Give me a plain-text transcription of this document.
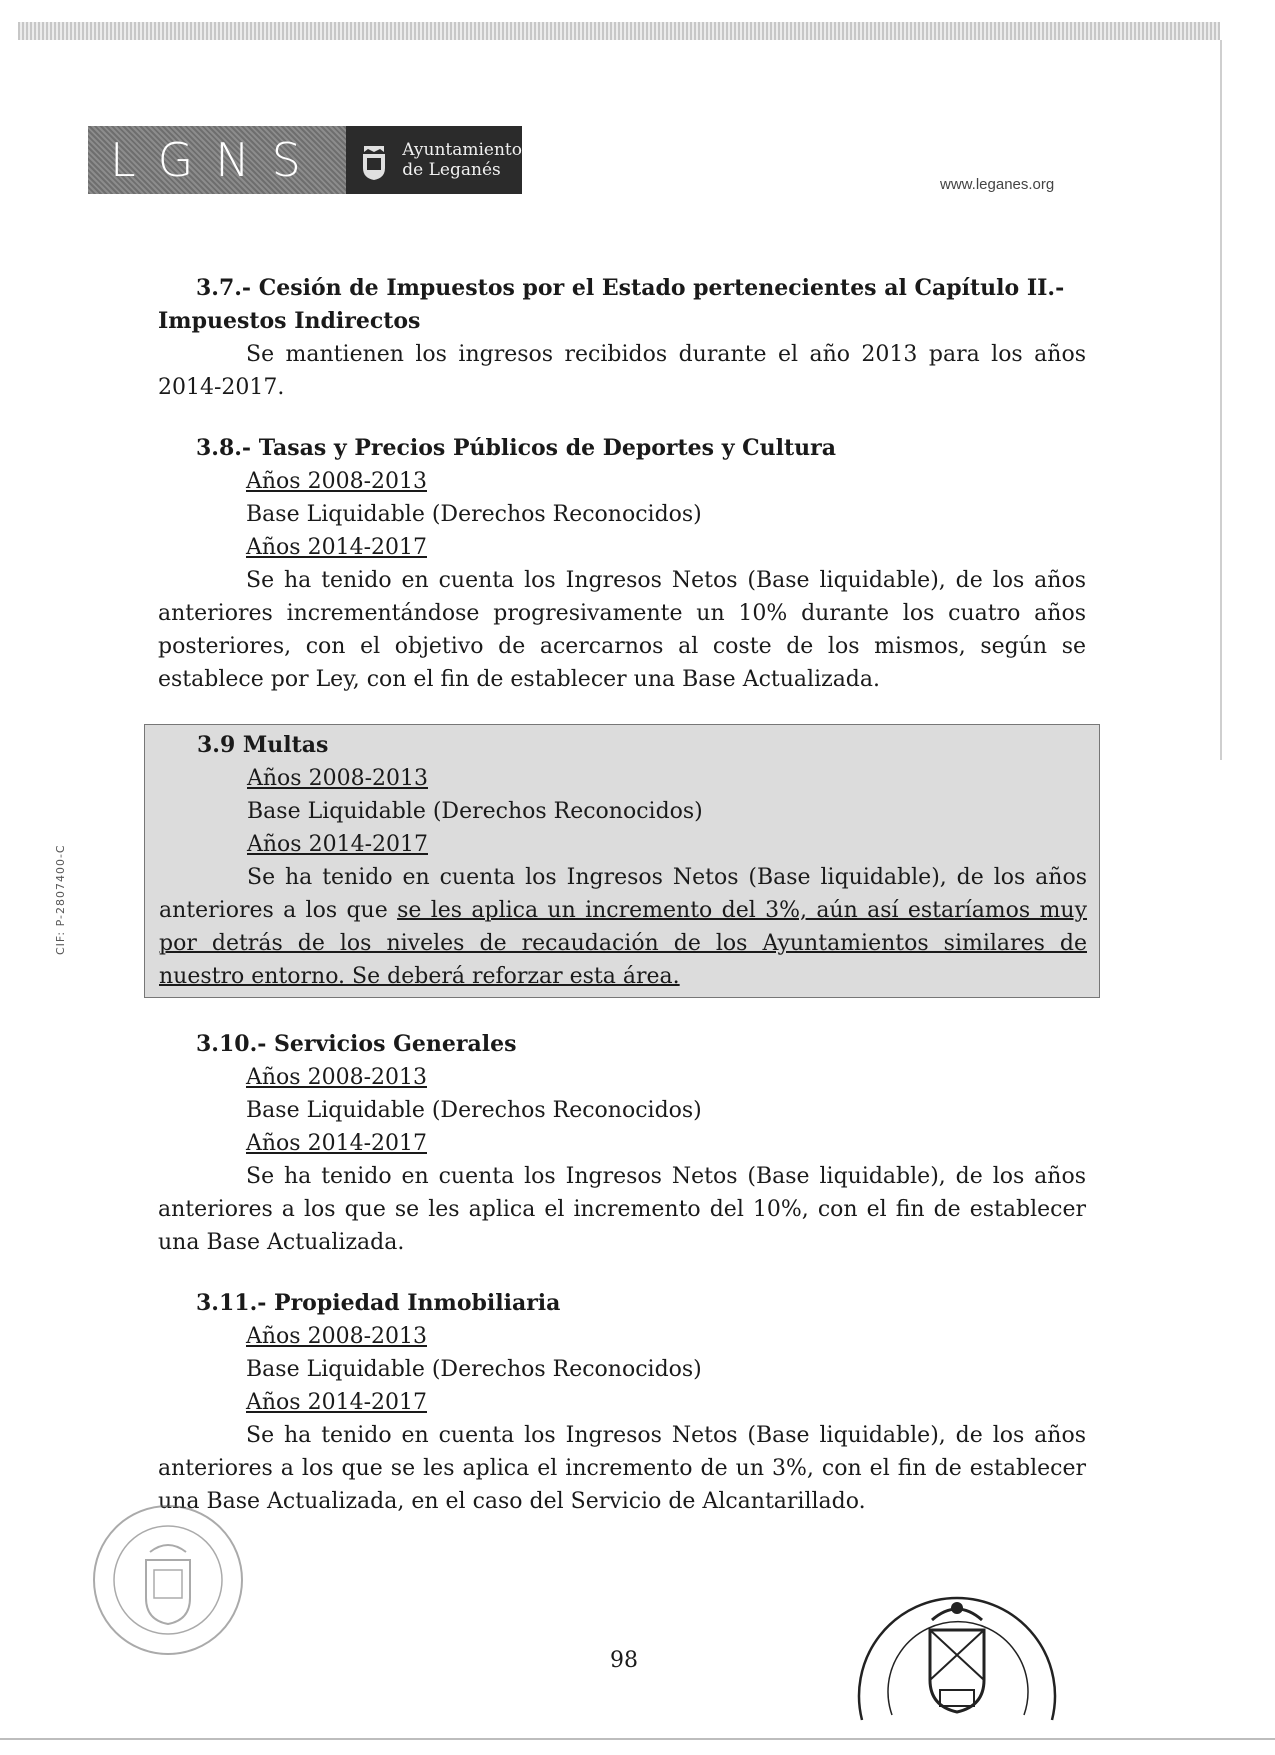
LGNS	Ayuntamiento
de Leganés
www.leganes.org
CIF: P-2807400-C

3.7.- Cesión de Impuestos por el Estado pertenecientes al Capítulo II.-

Impuestos Indirectos

Se mantienen los ingresos recibidos durante el año 2013 para los años 2014-2017.

3.8.- Tasas y Precios Públicos de Deportes y Cultura

Años 2008-2013

Base Liquidable (Derechos Reconocidos)

Años 2014-2017

Se ha tenido en cuenta los Ingresos Netos (Base liquidable), de los años anteriores incrementándose progresivamente un 10% durante los cuatro años posteriores, con el objetivo de acercarnos al coste de los mismos, según se establece por Ley, con el fin de establecer una Base Actualizada.

3.9 Multas

Años 2008-2013

Base Liquidable (Derechos Reconocidos)

Años 2014-2017

Se ha tenido en cuenta los Ingresos Netos (Base liquidable), de los años anteriores a los que se les aplica un incremento del 3%, aún así estaríamos muy por detrás de los niveles de recaudación de los Ayuntamientos similares de nuestro entorno. Se deberá reforzar esta área.

3.10.- Servicios Generales

Años 2008-2013

Base Liquidable (Derechos Reconocidos)

Años 2014-2017

Se ha tenido en cuenta los Ingresos Netos (Base liquidable), de los años anteriores a los que se les aplica el incremento del 10%, con el fin de establecer una Base Actualizada.

3.11.- Propiedad Inmobiliaria

Años 2008-2013

Base Liquidable (Derechos Reconocidos)

Años 2014-2017

Se ha tenido en cuenta los Ingresos Netos (Base liquidable), de los años anteriores a los que se les aplica el incremento de un 3%, con el fin de establecer una Base Actualizada, en el caso del Servicio de Alcantarillado.

98
